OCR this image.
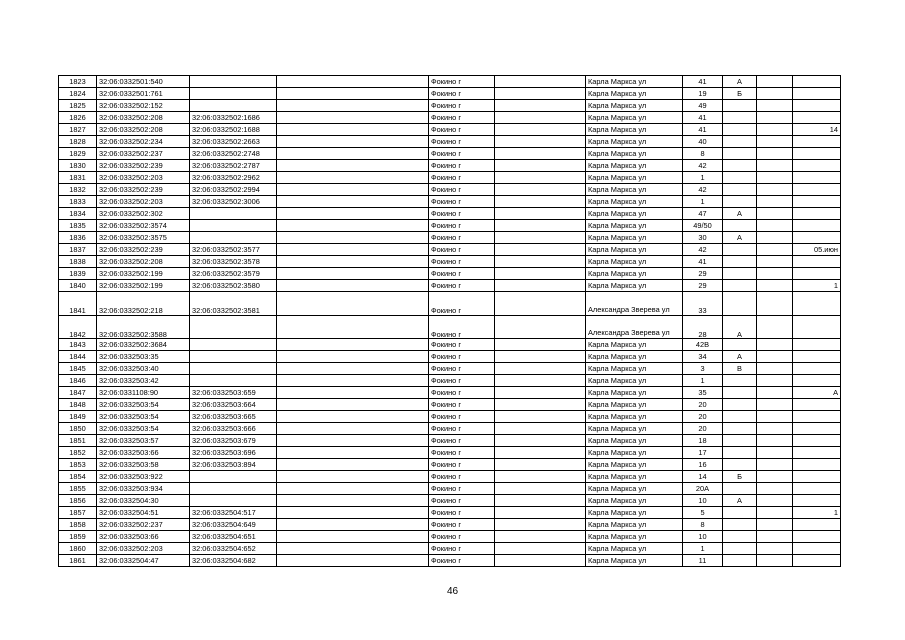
1823	32:06:0332501:540			Фокино г		Карла Маркса ул	41	А		
1824	32:06:0332501:761			Фокино г		Карла Маркса ул	19	Б		
1825	32:06:0332502:152			Фокино г		Карла Маркса ул	49			
1826	32:06:0332502:208	32:06:0332502:1686		Фокино г		Карла Маркса ул	41			
1827	32:06:0332502:208	32:06:0332502:1688		Фокино г		Карла Маркса ул	41			14
1828	32:06:0332502:234	32:06:0332502:2663		Фокино г		Карла Маркса ул	40			
1829	32:06:0332502:237	32:06:0332502:2748		Фокино г		Карла Маркса ул	8			
1830	32:06:0332502:239	32:06:0332502:2787		Фокино г		Карла Маркса ул	42			
1831	32:06:0332502:203	32:06:0332502:2962		Фокино г		Карла Маркса ул	1			
1832	32:06:0332502:239	32:06:0332502:2994		Фокино г		Карла Маркса ул	42			
1833	32:06:0332502:203	32:06:0332502:3006		Фокино г		Карла Маркса ул	1			
1834	32:06:0332502:302			Фокино г		Карла Маркса ул	47	А		
1835	32:06:0332502:3574			Фокино г		Карла Маркса ул	49/50			
1836	32:06:0332502:3575			Фокино г		Карла Маркса ул	30	А		
1837	32:06:0332502:239	32:06:0332502:3577		Фокино г		Карла Маркса ул	42			05.июн
1838	32:06:0332502:208	32:06:0332502:3578		Фокино г		Карла Маркса ул	41			
1839	32:06:0332502:199	32:06:0332502:3579		Фокино г		Карла Маркса ул	29			
1840	32:06:0332502:199	32:06:0332502:3580		Фокино г		Карла Маркса ул	29			1
1841	32:06:0332502:218	32:06:0332502:3581		Фокино г		Александра Зверева ул	33			
1842	32:06:0332502:3588			Фокино г		Александра Зверева ул	28	А		
1843	32:06:0332502:3684			Фокино г		Карла Маркса ул	42В			
1844	32:06:0332503:35			Фокино г		Карла Маркса ул	34	А		
1845	32:06:0332503:40			Фокино г		Карла Маркса ул	3	В		
1846	32:06:0332503:42			Фокино г		Карла Маркса ул	1			
1847	32:06:0331108:90	32:06:0332503:659		Фокино г		Карла Маркса ул	35			А
1848	32:06:0332503:54	32:06:0332503:664		Фокино г		Карла Маркса ул	20			
1849	32:06:0332503:54	32:06:0332503:665		Фокино г		Карла Маркса ул	20			
1850	32:06:0332503:54	32:06:0332503:666		Фокино г		Карла Маркса ул	20			
1851	32:06:0332503:57	32:06:0332503:679		Фокино г		Карла Маркса ул	18			
1852	32:06:0332503:66	32:06:0332503:696		Фокино г		Карла Маркса ул	17			
1853	32:06:0332503:58	32:06:0332503:894		Фокино г		Карла Маркса ул	16			
1854	32:06:0332503:922			Фокино г		Карла Маркса ул	14	Б		
1855	32:06:0332503:934			Фокино г		Карла Маркса ул	20А			
1856	32:06:0332504:30			Фокино г		Карла Маркса ул	10	А		
1857	32:06:0332504:51	32:06:0332504:517		Фокино г		Карла Маркса ул	5			1
1858	32:06:0332502:237	32:06:0332504:649		Фокино г		Карла Маркса ул	8			
1859	32:06:0332503:66	32:06:0332504:651		Фокино г		Карла Маркса ул	10			
1860	32:06:0332502:203	32:06:0332504:652		Фокино г		Карла Маркса ул	1			
1861	32:06:0332504:47	32:06:0332504:682		Фокино г		Карла Маркса ул	11			
46
